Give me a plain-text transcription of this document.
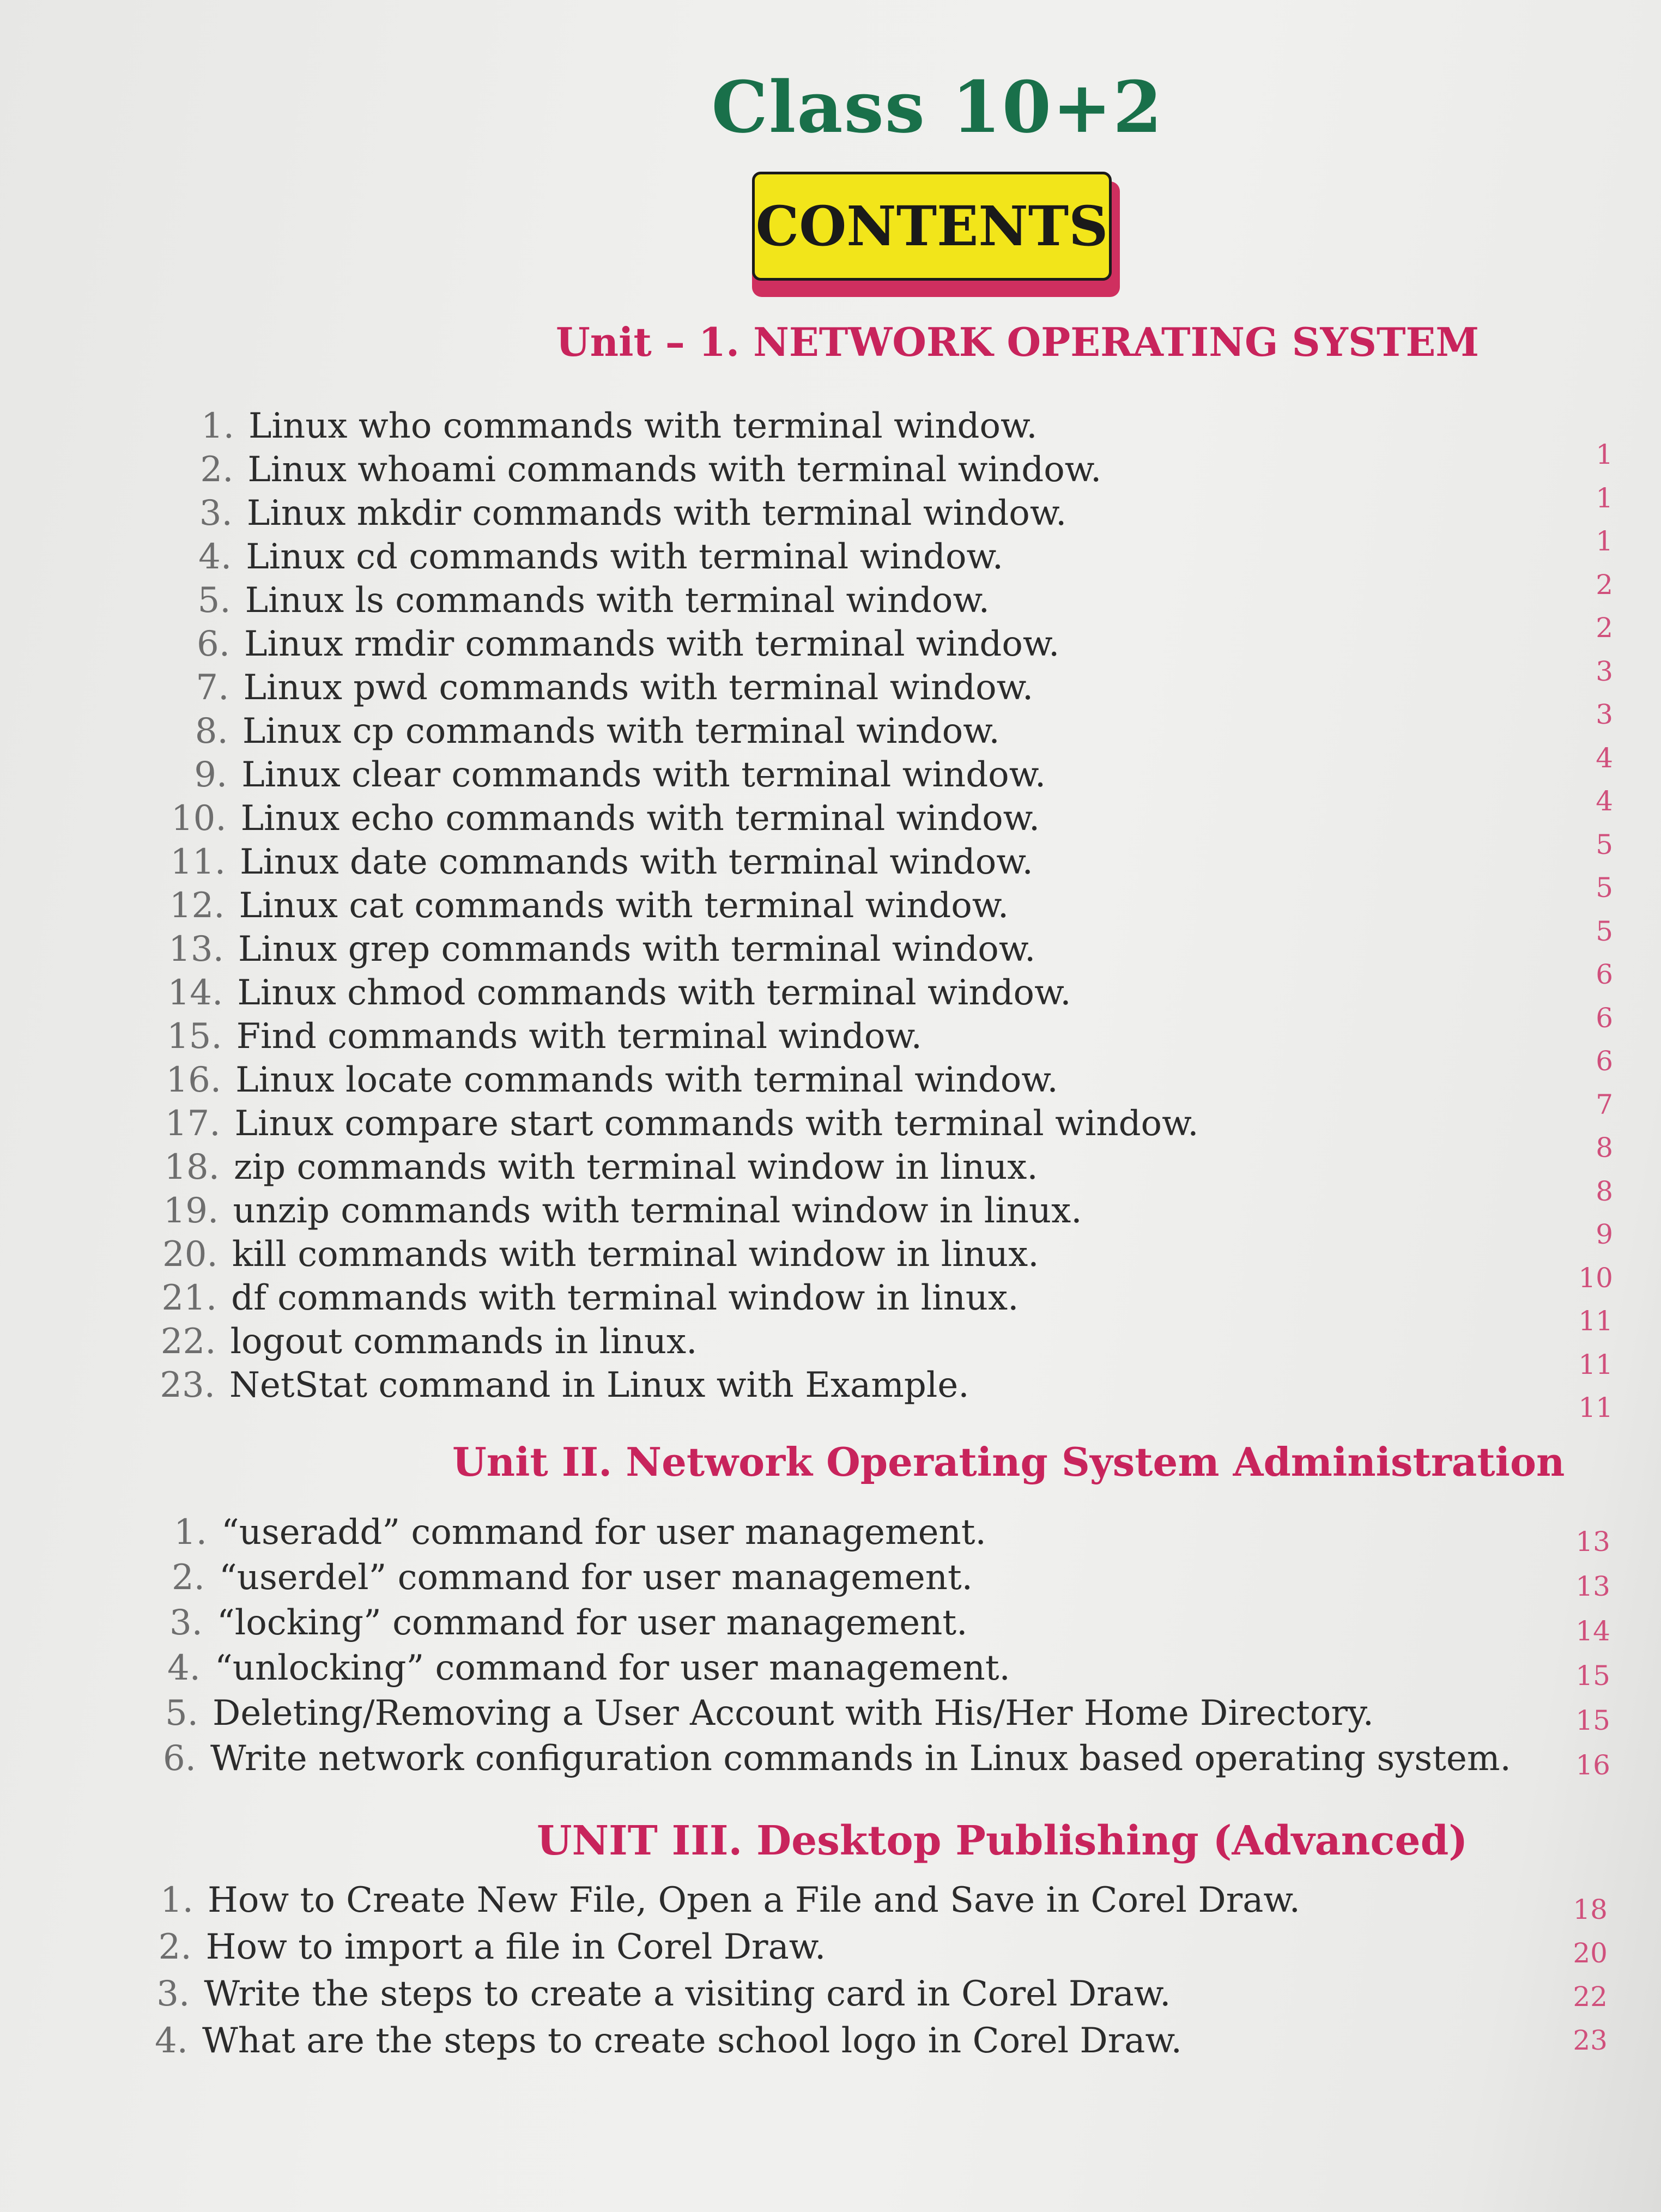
Class 10+2
CONTENTS
Unit – 1. NETWORK OPERATING SYSTEM
1. Linux who commands with terminal window.
2. Linux whoami commands with terminal window.
3. Linux mkdir commands with terminal window.
4. Linux cd commands with terminal window.
5. Linux ls commands with terminal window.
6. Linux rmdir commands with terminal window.
7. Linux pwd commands with terminal window.
8. Linux cp commands with terminal window.
9. Linux clear commands with terminal window.
10. Linux echo commands with terminal window.
11. Linux date commands with terminal window.
12. Linux cat commands with terminal window.
13. Linux grep commands with terminal window.
14. Linux chmod commands with terminal window.
15. Find commands with terminal window.
16. Linux locate commands with terminal window.
17. Linux compare start commands with terminal window.
18. zip commands with terminal window in linux.
19. unzip commands with terminal window in linux.
20. kill commands with terminal window in linux.
21. df commands with terminal window in linux.
22. logout commands in linux.
23. NetStat command in Linux with Example.
1
1
1
2
2
3
3
4
4
5
5
5
6
6
6
7
8
8
9
10
11
11
11
Unit II. Network Operating System Administration
1. “useradd” command for user management.
2. “userdel” command for user management.
3. “locking” command for user management.
4. “unlocking” command for user management.
5. Deleting/Removing a User Account with His/Her Home Directory.
6. Write network configuration commands in Linux based operating system.
13
13
14
15
15
16
UNIT III. Desktop Publishing (Advanced)
1. How to Create New File, Open a File and Save in Corel Draw.
2. How to import a file in Corel Draw.
3. Write the steps to create a visiting card in Corel Draw.
4. What are the steps to create school logo in Corel Draw.
18
20
22
23
